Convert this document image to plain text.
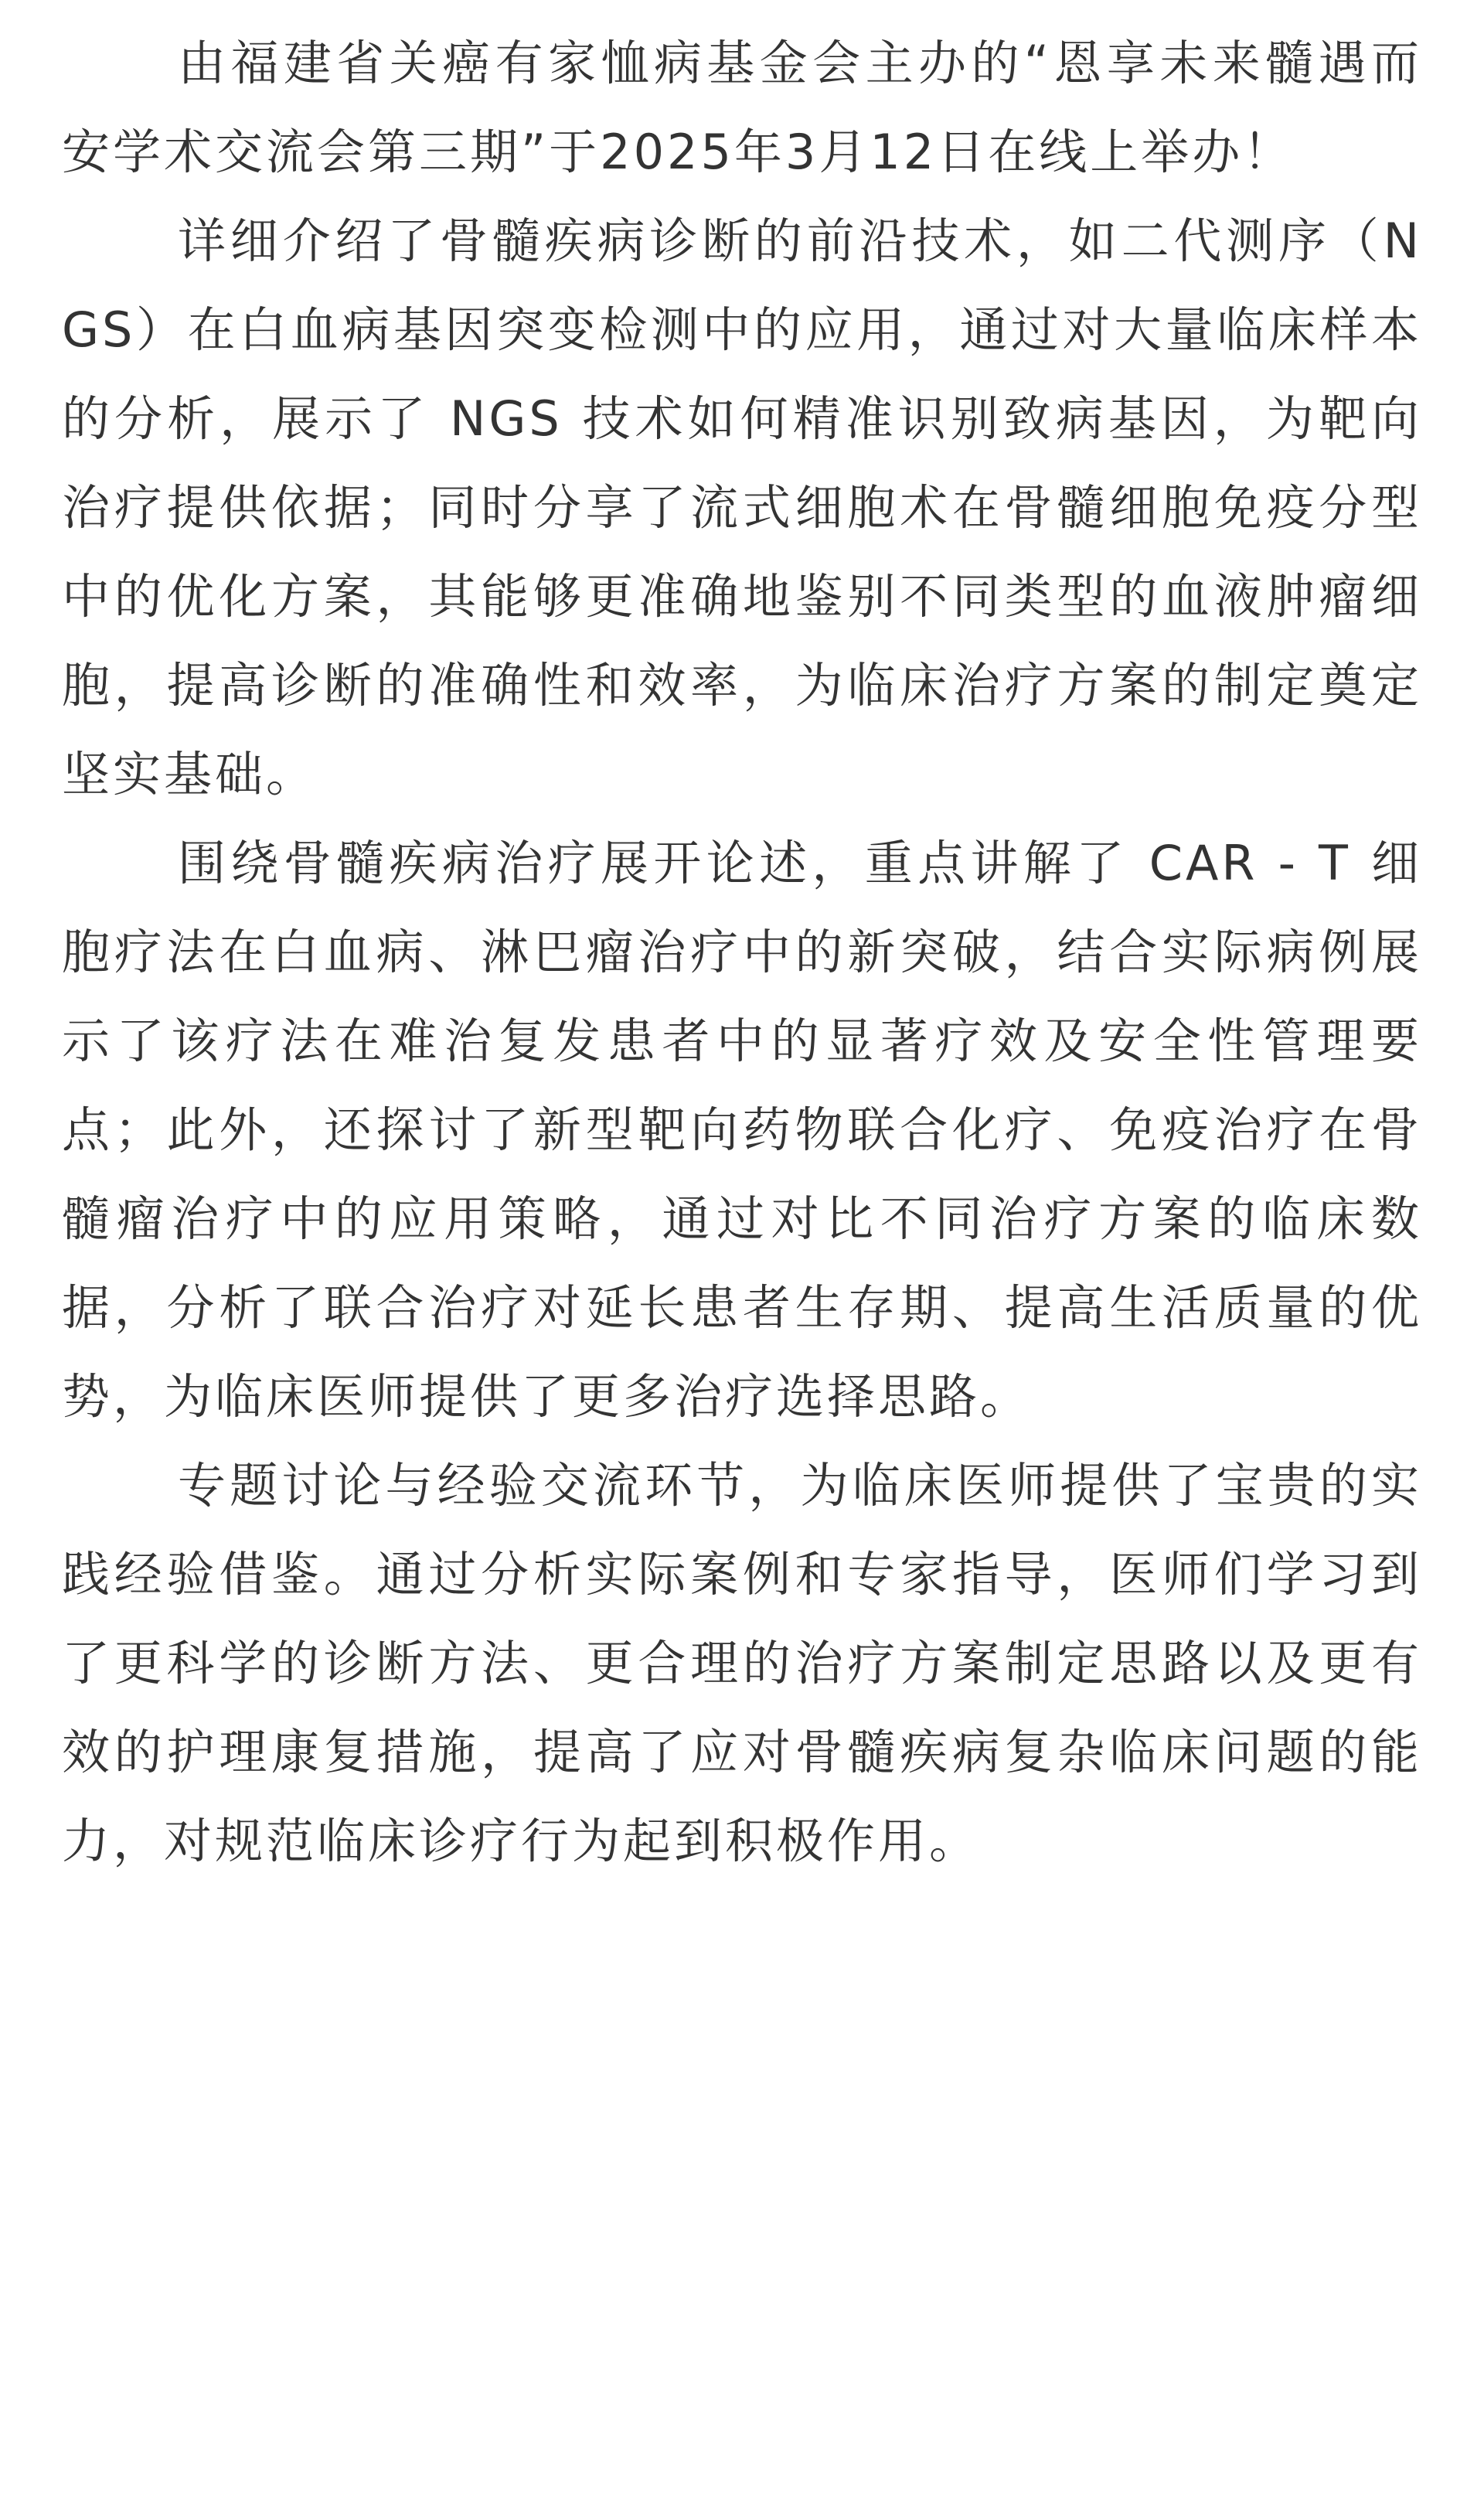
由福建省关癌有家恤病基金会主办的“恩享未来髓遇而安学术交流会第三期”于2025年3月12日在线上举办！

详细介绍了骨髓疾病诊断的前沿技术，如二代测序（NGS）在白血病基因突变检测中的应用，通过对大量临床样本的分析，展示了 NGS 技术如何精准识别致病基因，为靶向治疗提供依据；同时分享了流式细胞术在骨髓细胞免疫分型中的优化方案，其能够更准确地鉴别不同类型的血液肿瘤细胞，提高诊断的准确性和效率，为临床治疗方案的制定奠定坚实基础。

围绕骨髓疾病治疗展开论述，重点讲解了 CAR - T 细胞疗法在白血病、淋巴瘤治疗中的新突破，结合实际病例展示了该疗法在难治复发患者中的显著疗效及安全性管理要点；此外，还探讨了新型靶向药物联合化疗、免疫治疗在骨髓瘤治疗中的应用策略，通过对比不同治疗方案的临床数据，分析了联合治疗对延长患者生存期、提高生活质量的优势，为临床医师提供了更多治疗选择思路。

专题讨论与经验交流环节，为临床医师提供了宝贵的实践经验借鉴。通过分析实际案例和专家指导，医师们学习到了更科学的诊断方法、更合理的治疗方案制定思路以及更有效的护理康复措施，提高了应对骨髓疾病复杂临床问题的能力，对规范临床诊疗行为起到积极作用。
